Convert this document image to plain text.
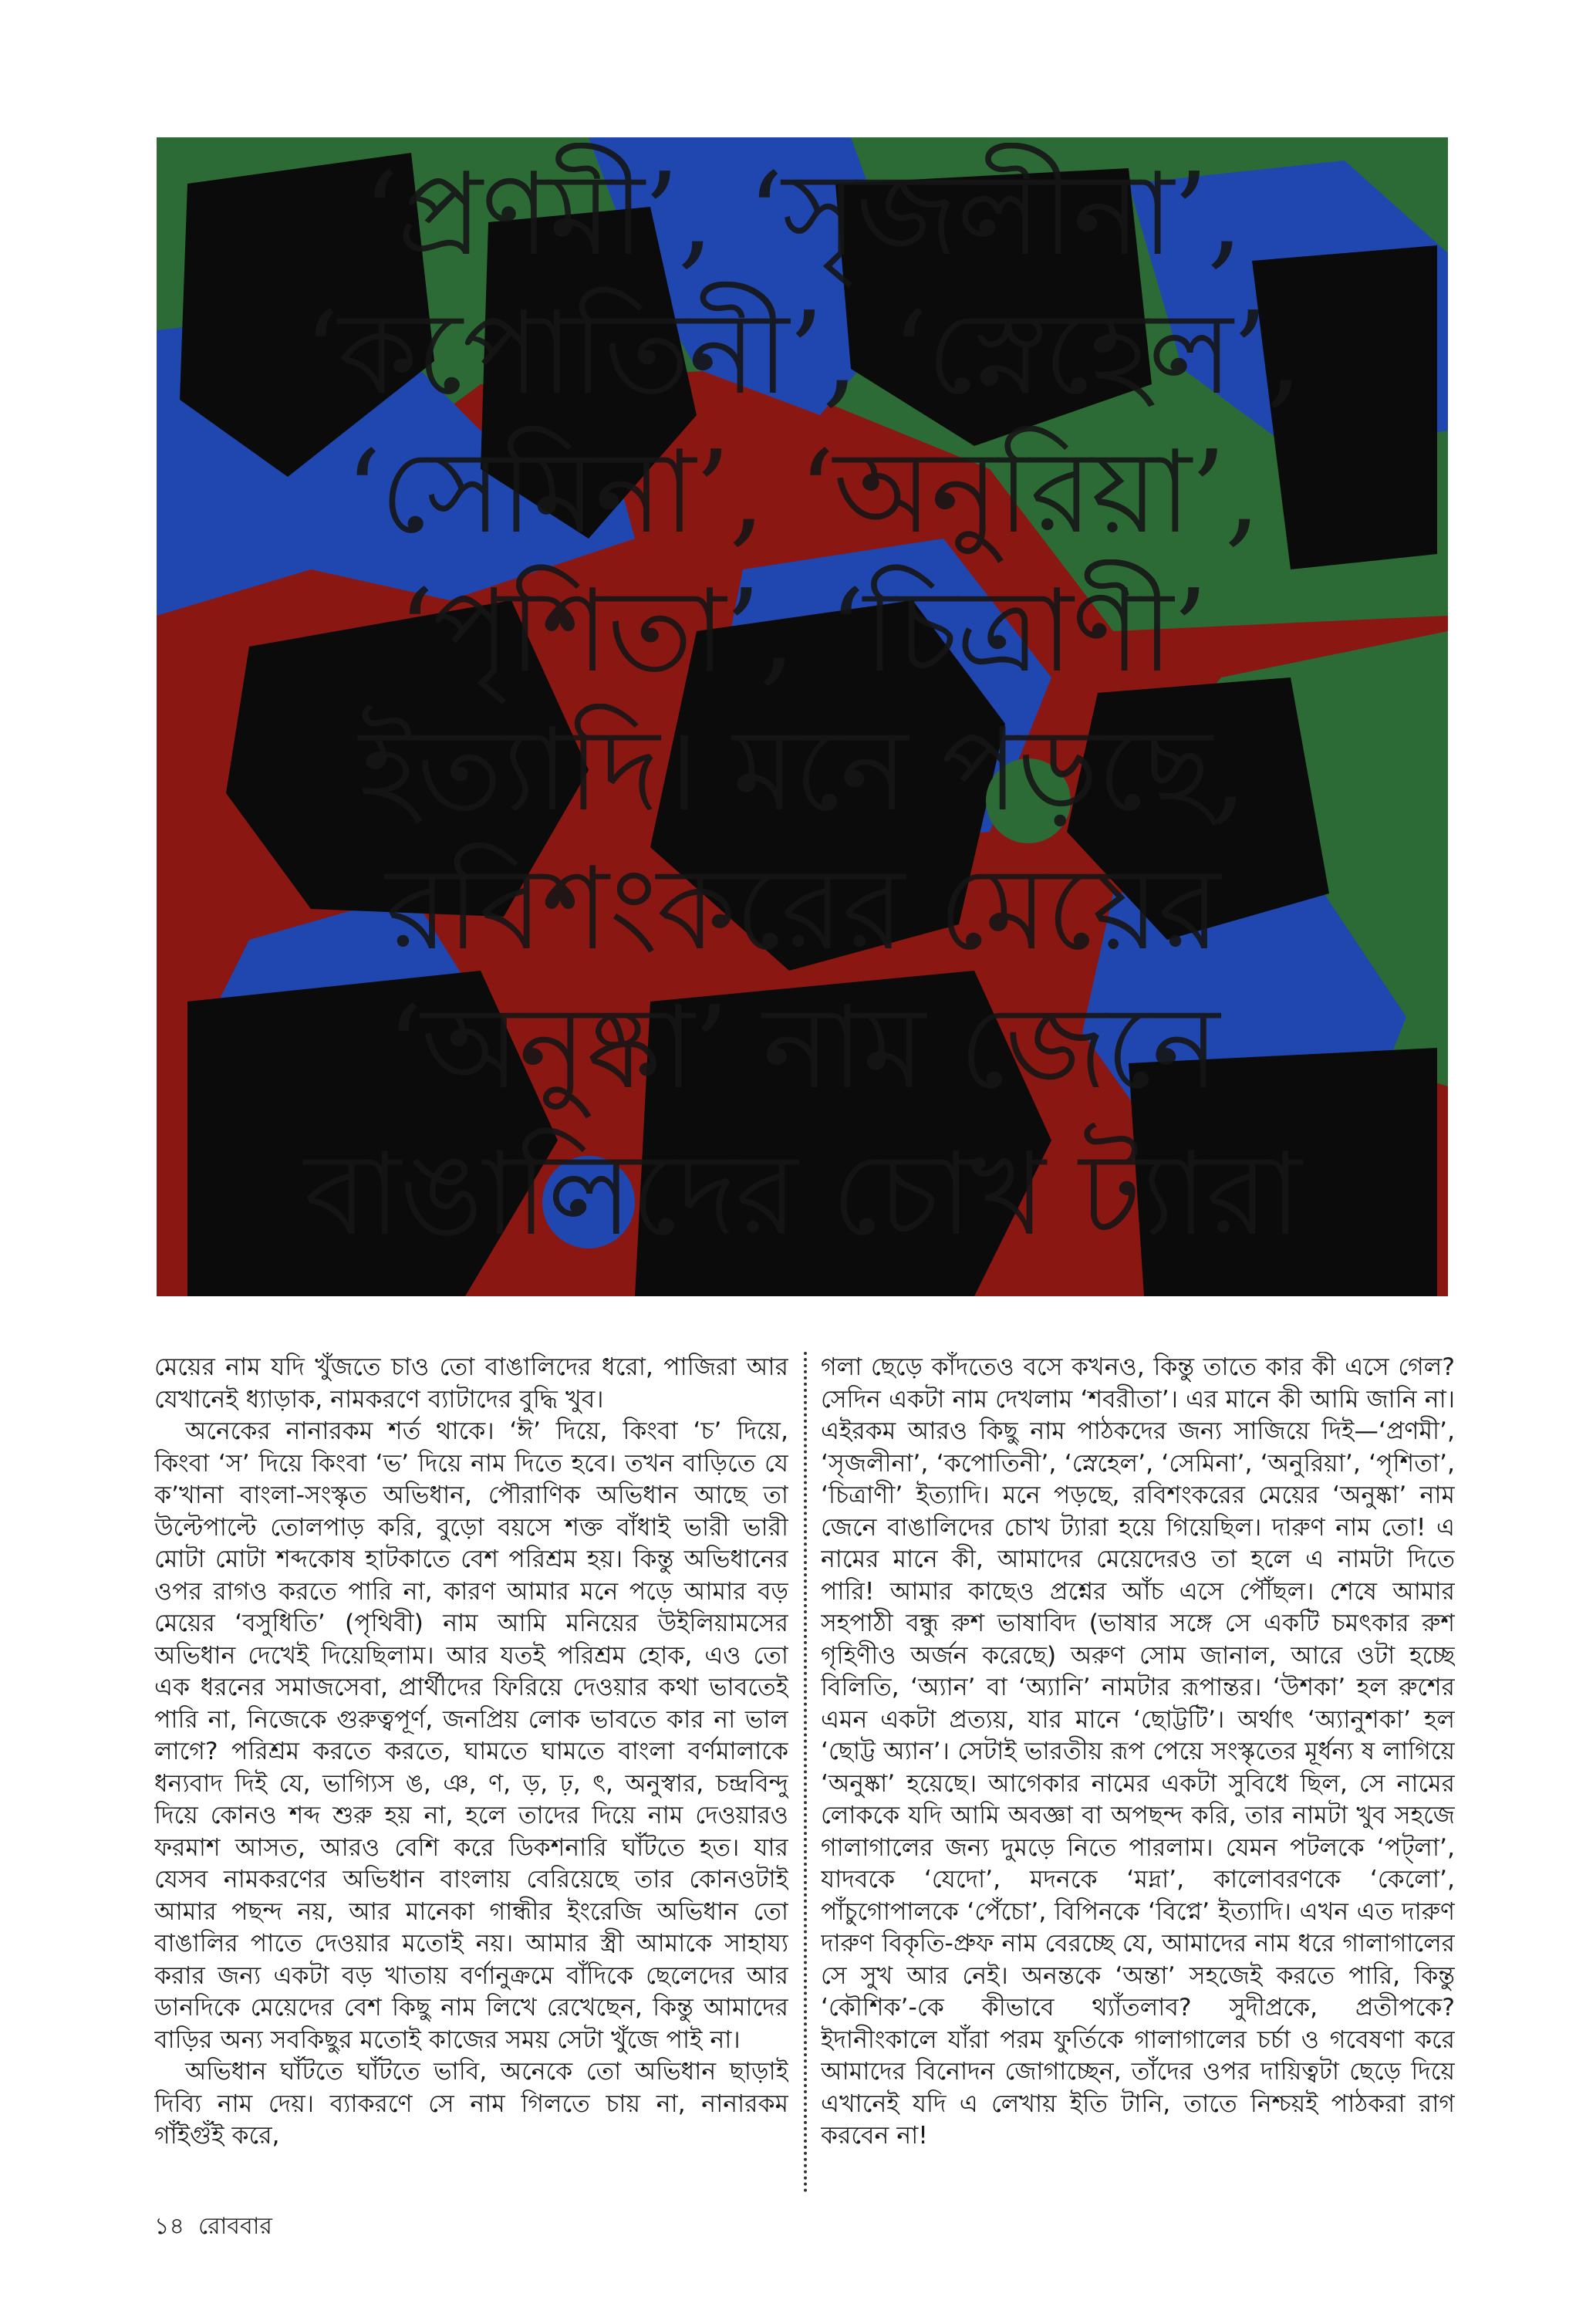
‘প্রণমী’, ‘সৃজলীনা’,
‘কপোতিনী’, ‘স্নেহেল’,
‘সেমিনা’, ‘অনুরিয়া’,
‘পৃশিতা’, ‘চিত্রাণী’
ইত্যাদি। মনে পড়ছে,
রবিশংকরের মেয়ের
‘অনুষ্কা’ নাম জেনে
বাঙালিদের চোখ ট্যারা

মেয়ের নাম যদি খুঁজতে চাও তো বাঙালিদের ধরো, পাজিরা আর যেখানেই ধ্যাড়াক, নামকরণে ব্যাটাদের বুদ্ধি খুব।

অনেকের নানারকম শর্ত থাকে। ‘ঈ’ দিয়ে, কিংবা ‘চ’ দিয়ে, কিংবা ‘স’ দিয়ে কিংবা ‘ভ’ দিয়ে নাম দিতে হবে। তখন বাড়িতে যে ক’খানা বাংলা-সংস্কৃত অভিধান, পৌরাণিক অভিধান আছে তা উল্টেপাল্টে তোলপাড় করি, বুড়ো বয়সে শক্ত বাঁধাই ভারী ভারী মোটা মোটা শব্দকোষ হাটকাতে বেশ পরিশ্রম হয়। কিন্তু অভিধানের ওপর রাগও করতে পারি না, কারণ আমার মনে পড়ে আমার বড় মেয়ের ‘বসুধিতি’ (পৃথিবী) নাম আমি মনিয়ের উইলিয়ামসের অভিধান দেখেই দিয়েছিলাম। আর যতই পরিশ্রম হোক, এও তো এক ধরনের সমাজসেবা, প্রার্থীদের ফিরিয়ে দেওয়ার কথা ভাবতেই পারি না, নিজেকে গুরুত্বপূর্ণ, জনপ্রিয় লোক ভাবতে কার না ভাল লাগে? পরিশ্রম করতে করতে, ঘামতে ঘামতে বাংলা বর্ণমালাকে ধন্যবাদ দিই যে, ভাগ্যিস ঙ, ঞ, ণ, ড়, ঢ়, ৎ, অনুস্বার, চন্দ্রবিন্দু দিয়ে কোনও শব্দ শুরু হয় না, হলে তাদের দিয়ে নাম দেওয়ারও ফরমাশ আসত, আরও বেশি করে ডিকশনারি ঘাঁটতে হত। যার যেসব নামকরণের অভিধান বাংলায় বেরিয়েছে তার কোনওটাই আমার পছন্দ নয়, আর মানেকা গান্ধীর ইংরেজি অভিধান তো বাঙালির পাতে দেওয়ার মতোই নয়। আমার স্ত্রী আমাকে সাহায্য করার জন্য একটা বড় খাতায় বর্ণানুক্রমে বাঁদিকে ছেলেদের আর ডানদিকে মেয়েদের বেশ কিছু নাম লিখে রেখেছেন, কিন্তু আমাদের বাড়ির অন্য সবকিছুর মতোই কাজের সময় সেটা খুঁজে পাই না।

অভিধান ঘাঁটতে ঘাঁটতে ভাবি, অনেকে তো অভিধান ছাড়াই দিব্যি নাম দেয়। ব্যাকরণে সে নাম গিলতে চায় না, নানারকম গাঁইগুঁই করে,

গলা ছেড়ে কাঁদতেও বসে কখনও, কিন্তু তাতে কার কী এসে গেল? সেদিন একটা নাম দেখলাম ‘শবরীতা’। এর মানে কী আমি জানি না। এইরকম আরও কিছু নাম পাঠকদের জন্য সাজিয়ে দিই—‘প্রণমী’, ‘সৃজলীনা’, ‘কপোতিনী’, ‘স্নেহেল’, ‘সেমিনা’, ‘অনুরিয়া’, ‘পৃশিতা’, ‘চিত্রাণী’ ইত্যাদি। মনে পড়ছে, রবিশংকরের মেয়ের ‘অনুষ্কা’ নাম জেনে বাঙালিদের চোখ ট্যারা হয়ে গিয়েছিল। দারুণ নাম তো! এ নামের মানে কী, আমাদের মেয়েদেরও তা হলে এ নামটা দিতে পারি! আমার কাছেও প্রশ্নের আঁচ এসে পৌঁছল। শেষে আমার সহপাঠী বন্ধু রুশ ভাষাবিদ (ভাষার সঙ্গে সে একটি চমৎকার রুশ গৃহিণীও অর্জন করেছে) অরুণ সোম জানাল, আরে ওটা হচ্ছে বিলিতি, ‘অ্যান’ বা ‘অ্যানি’ নামটার রূপান্তর। ‘উশকা’ হল রুশের এমন একটা প্রত্যয়, যার মানে ‘ছোট্টটি’। অর্থাৎ ‘অ্যানুশকা’ হল ‘ছোট্ট অ্যান’। সেটাই ভারতীয় রূপ পেয়ে সংস্কৃতের মূর্ধন্য ষ লাগিয়ে ‘অনুষ্কা’ হয়েছে। আগেকার নামের একটা সুবিধে ছিল, সে নামের লোককে যদি আমি অবজ্ঞা বা অপছন্দ করি, তার নামটা খুব সহজে গালাগালের জন্য দুমড়ে নিতে পারলাম। যেমন পটলকে ‘পট্লা’, যাদবকে ‘যেদো’, মদনকে ‘মদ্না’, কালোবরণকে ‘কেলো’, পাঁচুগোপালকে ‘পেঁচো’, বিপিনকে ‘বিপ্নে’ ইত্যাদি। এখন এত দারুণ দারুণ বিকৃতি-প্রুফ নাম বেরচ্ছে যে, আমাদের নাম ধরে গালাগালের সে সুখ আর নেই। অনন্তকে ‘অন্তা’ সহজেই করতে পারি, কিন্তু ‘কৌশিক’-কে কীভাবে থ্যাঁতলাব? সুদীপ্রকে, প্রতীপকে? ইদানীংকালে যাঁরা পরম ফুর্তিকে গালাগালের চর্চা ও গবেষণা করে আমাদের বিনোদন জোগাচ্ছেন, তাঁদের ওপর দায়িত্বটা ছেড়ে দিয়ে এখানেই যদি এ লেখায় ইতি টানি, তাতে নিশ্চয়ই পাঠকরা রাগ করবেন না!

১৪ রোববার
